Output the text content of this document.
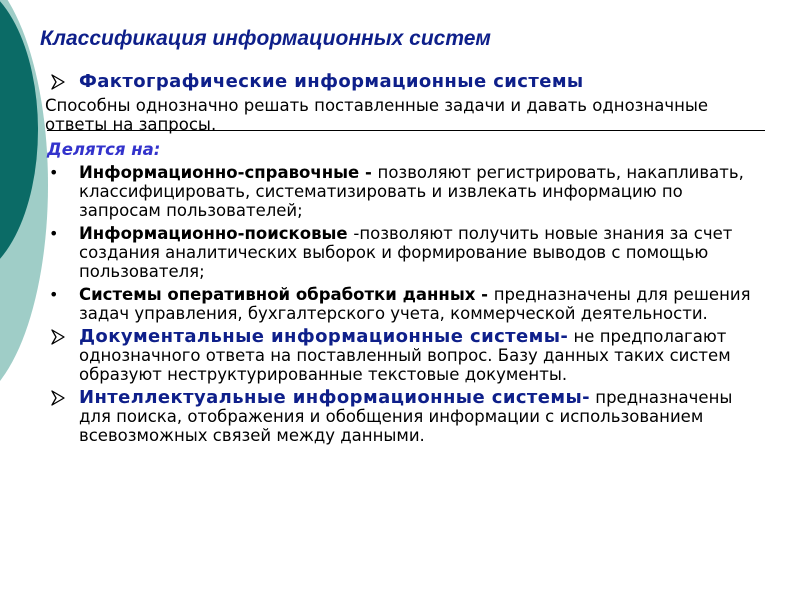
Классификация информационных систем
Фактографические информационные системы
Способны однозначно решать поставленные задачи и давать однозначные ответы на запросы.
Делятся на:
• Информационно-справочные - позволяют регистрировать, накапливать, классифицировать, систематизировать и извлекать информацию по запросам пользователей;
• Информационно-поисковые -позволяют получить новые знания за счет создания аналитических выборок и формирование выводов с помощью пользователя;
• Системы оперативной обработки данных - предназначены для решения задач управления, бухгалтерского учета, коммерческой деятельности.
Документальные информационные системы- не предполагают однозначного ответа на поставленный вопрос. Базу данных таких систем образуют неструктурированные текстовые документы.
Интеллектуальные информационные системы- предназначены для поиска, отображения и обобщения информации с использованием всевозможных связей между данными.
